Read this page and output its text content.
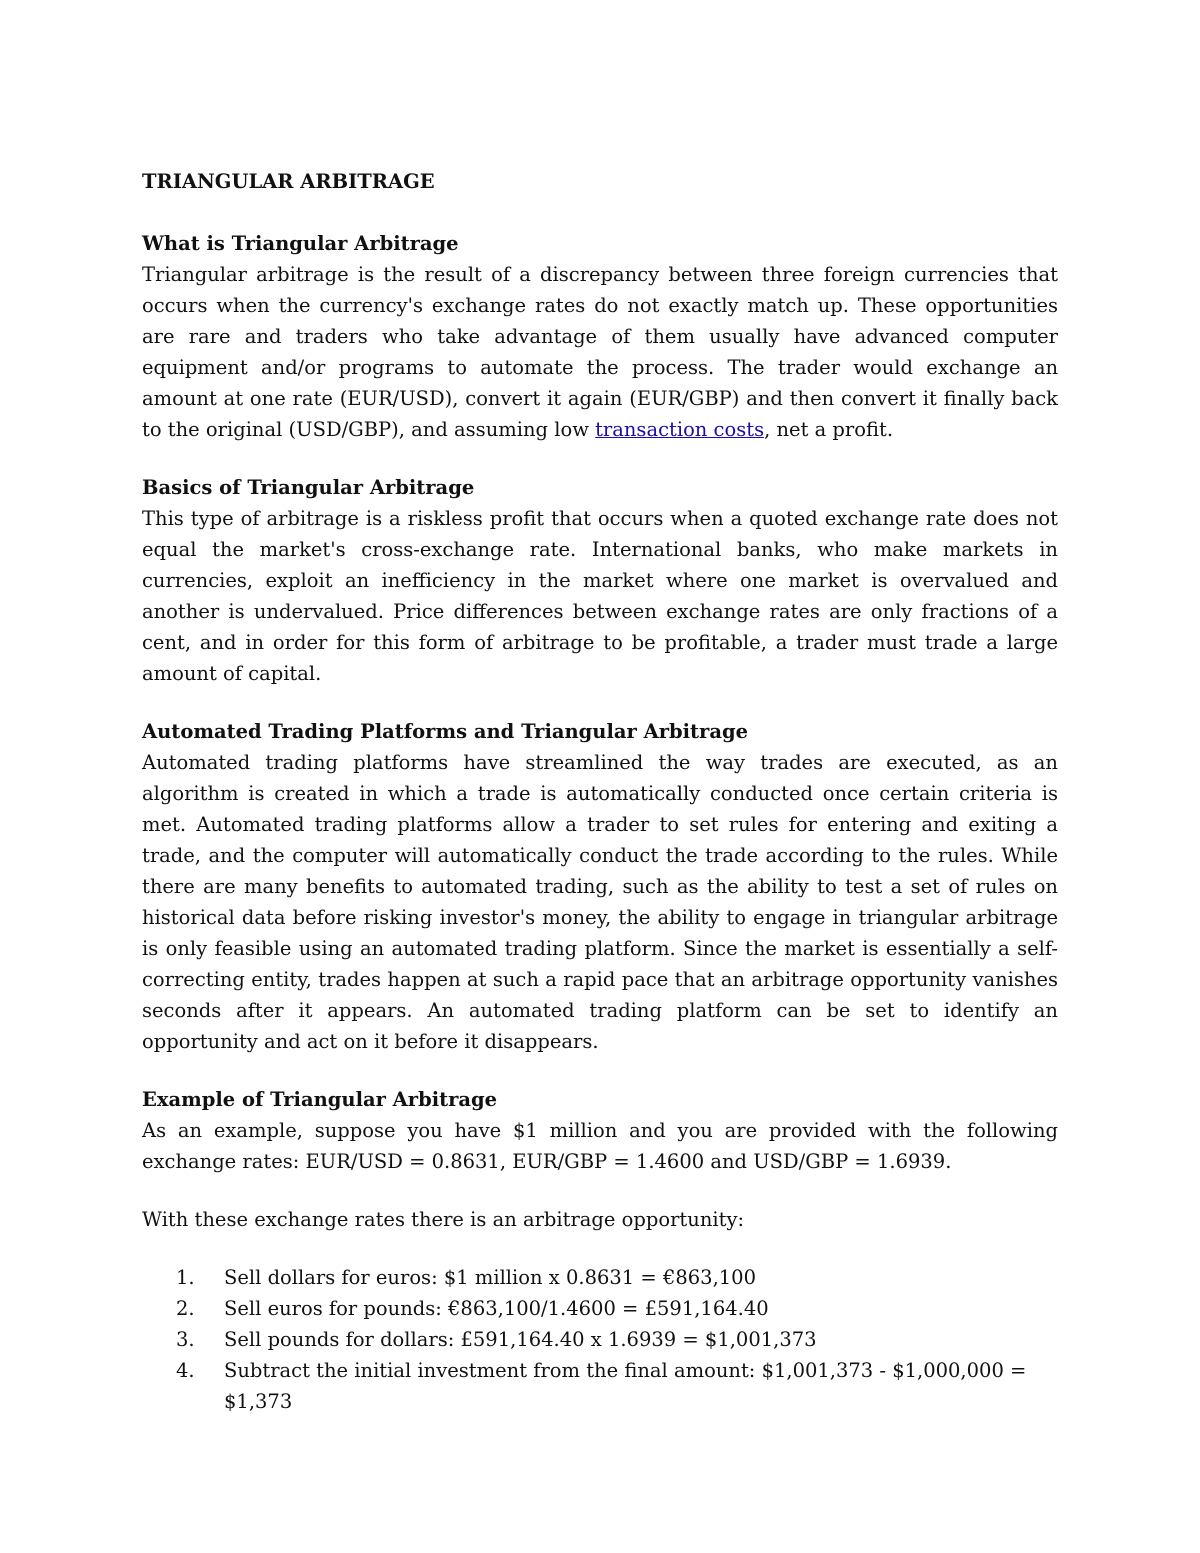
TRIANGULAR ARBITRAGE

What is Triangular Arbitrage

Triangular arbitrage is the result of a discrepancy between three foreign currencies that occurs when the currency's exchange rates do not exactly match up. These opportunities are rare and traders who take advantage of them usually have advanced computer equipment and/or programs to automate the process. The trader would exchange an amount at one rate (EUR/USD), convert it again (EUR/GBP) and then convert it finally back to the original (USD/GBP), and assuming low transaction costs, net a profit.

Basics of Triangular Arbitrage

This type of arbitrage is a riskless profit that occurs when a quoted exchange rate does not equal the market's cross-exchange rate. International banks, who make markets in currencies, exploit an inefficiency in the market where one market is overvalued and another is undervalued. Price differences between exchange rates are only fractions of a cent, and in order for this form of arbitrage to be profitable, a trader must trade a large amount of capital.

Automated Trading Platforms and Triangular Arbitrage

Automated trading platforms have streamlined the way trades are executed, as an algorithm is created in which a trade is automatically conducted once certain criteria is met. Automated trading platforms allow a trader to set rules for entering and exiting a trade, and the computer will automatically conduct the trade according to the rules. While there are many benefits to automated trading, such as the ability to test a set of rules on historical data before risking investor's money, the ability to engage in triangular arbitrage is only feasible using an automated trading platform. Since the market is essentially a self-correcting entity, trades happen at such a rapid pace that an arbitrage opportunity vanishes seconds after it appears. An automated trading platform can be set to identify an opportunity and act on it before it disappears.

Example of Triangular Arbitrage

As an example, suppose you have $1 million and you are provided with the following exchange rates: EUR/USD = 0.8631, EUR/GBP = 1.4600 and USD/GBP = 1.6939.

With these exchange rates there is an arbitrage opportunity:

1.	Sell dollars for euros: $1 million x 0.8631 = €863,100
2.	Sell euros for pounds: €863,100/1.4600 = £591,164.40
3.	Sell pounds for dollars: £591,164.40 x 1.6939 = $1,001,373
4.	Subtract the initial investment from the final amount: $1,001,373 - $1,000,000 = $1,373
